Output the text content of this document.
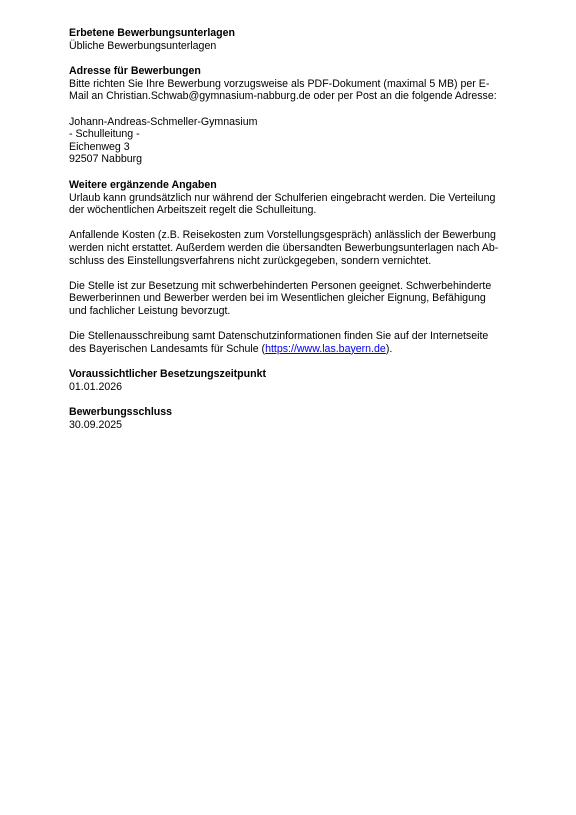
Erbetene Bewerbungsunterlagen
Übliche Bewerbungsunterlagen
Adresse für Bewerbungen
Bitte richten Sie Ihre Bewerbung vorzugsweise als PDF-Dokument (maximal 5 MB) per E-
Mail an Christian.Schwab@gymnasium-nabburg.de oder per Post an die folgende Adresse:
Johann-Andreas-Schmeller-Gymnasium
- Schulleitung -
Eichenweg 3
92507 Nabburg
Weitere ergänzende Angaben
Urlaub kann grundsätzlich nur während der Schulferien eingebracht werden. Die Verteilung
der wöchentlichen Arbeitszeit regelt die Schulleitung.
Anfallende Kosten (z.B. Reisekosten zum Vorstellungsgespräch) anlässlich der Bewerbung
werden nicht erstattet. Außerdem werden die übersandten Bewerbungsunterlagen nach Ab-
schluss des Einstellungsverfahrens nicht zurückgegeben, sondern vernichtet.
Die Stelle ist zur Besetzung mit schwerbehinderten Personen geeignet. Schwerbehinderte
Bewerberinnen und Bewerber werden bei im Wesentlichen gleicher Eignung, Befähigung
und fachlicher Leistung bevorzugt.
Die Stellenausschreibung samt Datenschutzinformationen finden Sie auf der Internetseite
des Bayerischen Landesamts für Schule (https://www.las.bayern.de).
Voraussichtlicher Besetzungszeitpunkt
01.01.2026
Bewerbungsschluss
30.09.2025
